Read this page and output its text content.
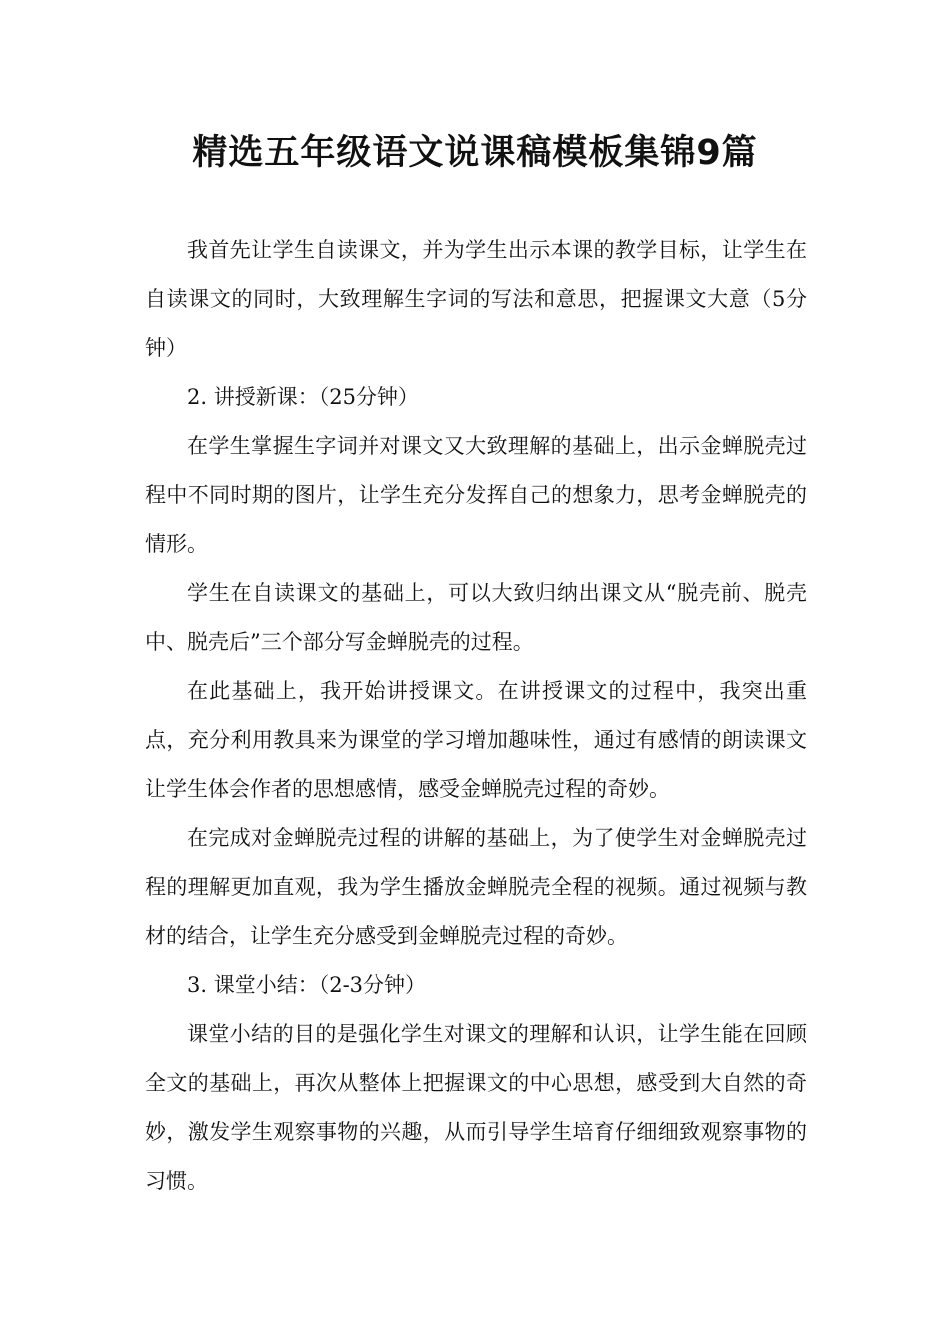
精选五年级语文说课稿模板集锦9篇

我首先让学生自读课文，并为学生出示本课的教学目标，让学生在自读课文的同时，大致理解生字词的写法和意思，把握课文大意（5分钟）

2. 讲授新课：（25分钟）

在学生掌握生字词并对课文又大致理解的基础上，出示金蝉脱壳过程中不同时期的图片，让学生充分发挥自己的想象力，思考金蝉脱壳的情形。

学生在自读课文的基础上，可以大致归纳出课文从“脱壳前、脱壳中、脱壳后”三个部分写金蝉脱壳的过程。

在此基础上，我开始讲授课文。在讲授课文的过程中，我突出重点，充分利用教具来为课堂的学习增加趣味性，通过有感情的朗读课文让学生体会作者的思想感情，感受金蝉脱壳过程的奇妙。

在完成对金蝉脱壳过程的讲解的基础上，为了使学生对金蝉脱壳过程的理解更加直观，我为学生播放金蝉脱壳全程的视频。通过视频与教材的结合，让学生充分感受到金蝉脱壳过程的奇妙。

3. 课堂小结：（2-3分钟）

课堂小结的目的是强化学生对课文的理解和认识，让学生能在回顾全文的基础上，再次从整体上把握课文的中心思想，感受到大自然的奇妙，激发学生观察事物的兴趣，从而引导学生培育仔细细致观察事物的习惯。
